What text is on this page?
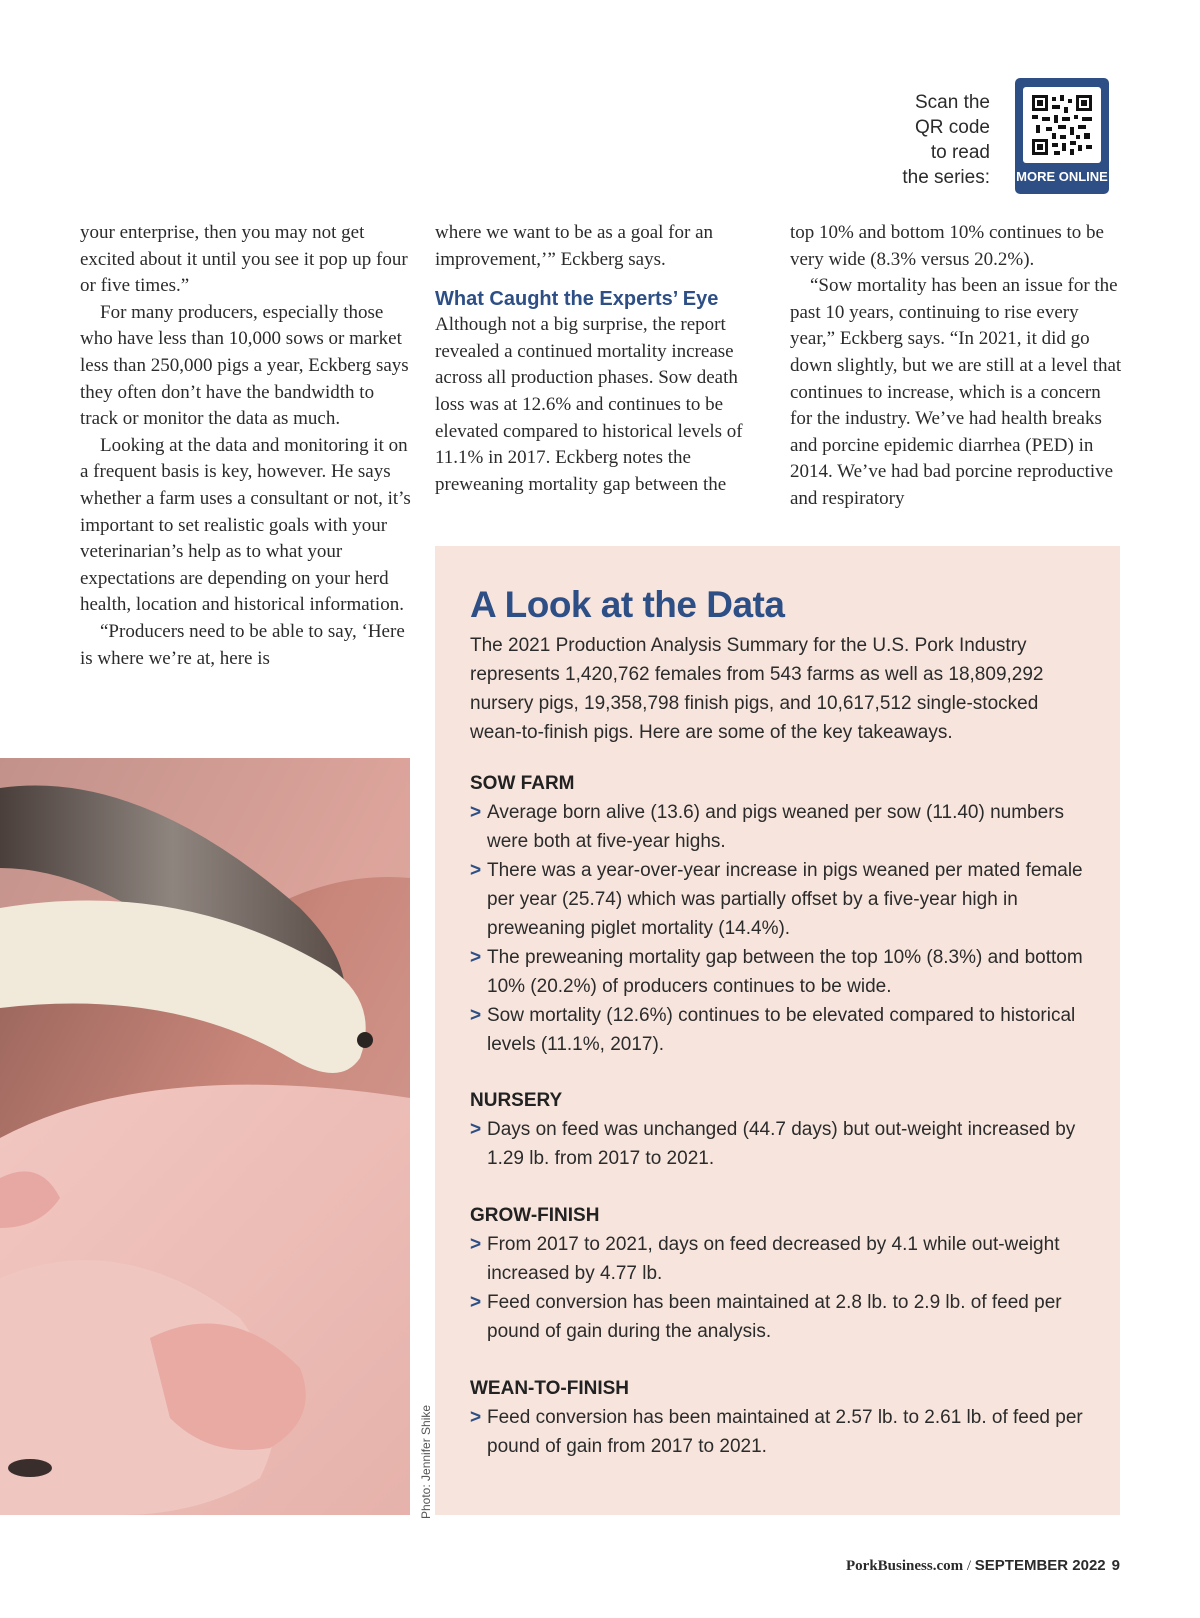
Scan the
QR code
to read
the series: MORE ONLINE

your enterprise, then you may not get excited about it until you see it pop up four or five times.”

For many producers, especially those who have less than 10,000 sows or market less than 250,000 pigs a year, Eckberg says they often don’t have the bandwidth to track or monitor the data as much.

Looking at the data and monitoring it on a frequent basis is key, however. He says whether a farm uses a consultant or not, it’s important to set realistic goals with your veterinarian’s help as to what your expectations are depending on your herd health, location and historical information.

“Producers need to be able to say, ‘Here is where we’re at, here is

where we want to be as a goal for an improvement,’” Eckberg says.

What Caught the Experts’ Eye

Although not a big surprise, the report revealed a continued mortality increase across all production phases. Sow death loss was at 12.6% and continues to be elevated compared to historical levels of 11.1% in 2017. Eckberg notes the preweaning mortality gap between the

top 10% and bottom 10% continues to be very wide (8.3% versus 20.2%).

“Sow mortality has been an issue for the past 10 years, continuing to rise every year,” Eckberg says. “In 2021, it did go down slightly, but we are still at a level that continues to increase, which is a concern for the industry. We’ve had health breaks and porcine epidemic diarrhea (PED) in 2014. We’ve had bad porcine reproductive and respiratory

Photo: Jennifer Shike
A Look at the Data
The 2021 Production Analysis Summary for the U.S. Pork Industry represents 1,420,762 females from 543 farms as well as 18,809,292 nursery pigs, 19,358,798 finish pigs, and 10,617,512 single-stocked wean-to-finish pigs. Here are some of the key takeaways.
SOW FARM
> Average born alive (13.6) and pigs weaned per sow (11.40) numbers were both at five-year highs.
> There was a year-over-year increase in pigs weaned per mated female per year (25.74) which was partially offset by a five-year high in preweaning piglet mortality (14.4%).
> The preweaning mortality gap between the top 10% (8.3%) and bottom 10% (20.2%) of producers continues to be wide.
> Sow mortality (12.6%) continues to be elevated compared to historical levels (11.1%, 2017).
NURSERY
> Days on feed was unchanged (44.7 days) but out-weight increased by 1.29 lb. from 2017 to 2021.
GROW-FINISH
> From 2017 to 2021, days on feed decreased by 4.1 while out-weight increased by 4.77 lb.
> Feed conversion has been maintained at 2.8 lb. to 2.9 lb. of feed per pound of gain during the analysis.
WEAN-TO-FINISH
> Feed conversion has been maintained at 2.57 lb. to 2.61 lb. of feed per pound of gain from 2017 to 2021.
PorkBusiness.com / SEPTEMBER 2022 9
